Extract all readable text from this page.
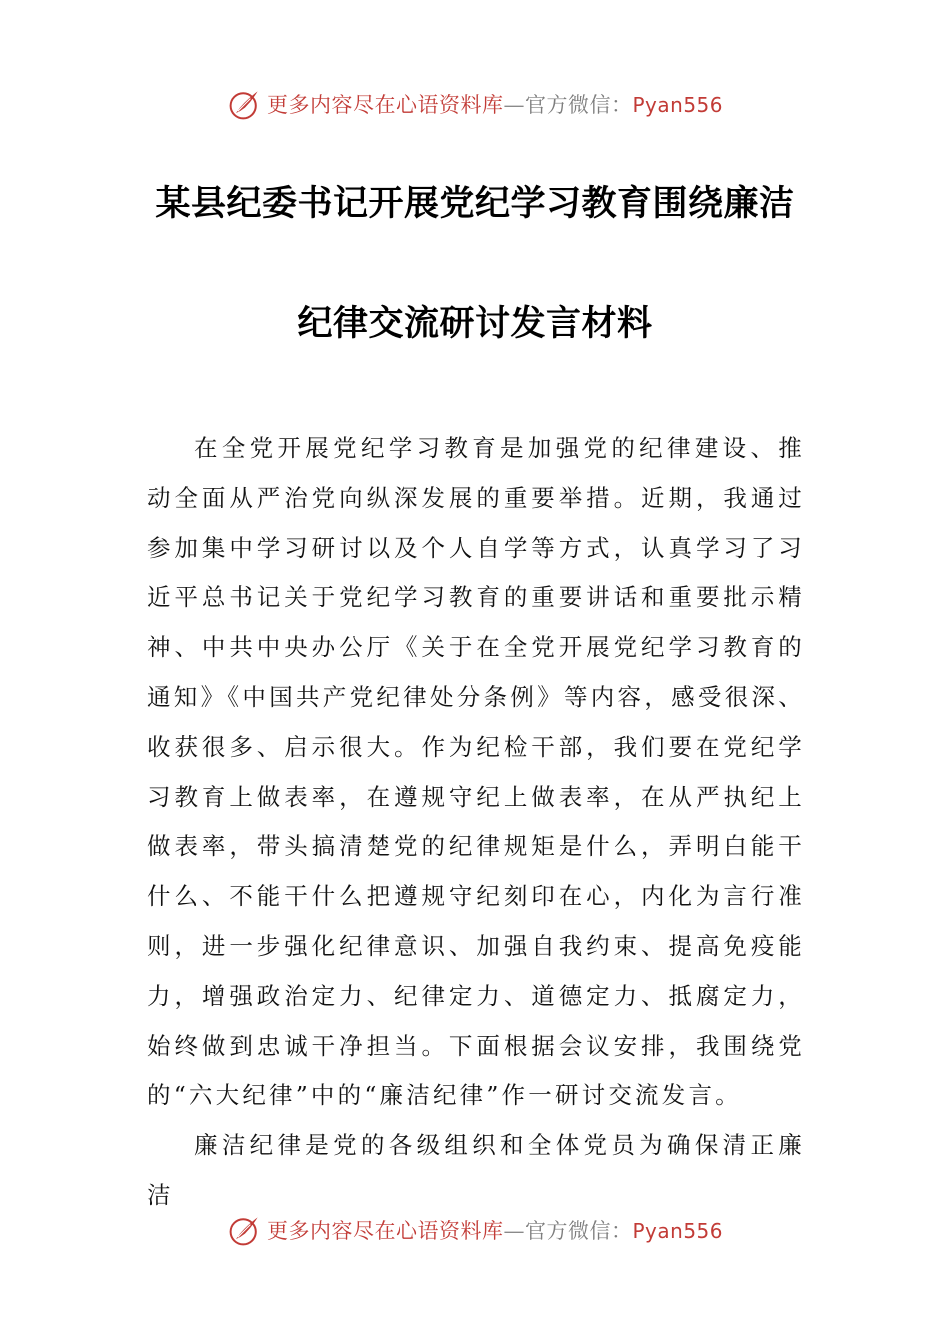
更多内容尽在心语资料库—官方微信：Pyan556
某县纪委书记开展党纪学习教育围绕廉洁
纪律交流研讨发言材料

在全党开展党纪学习教育是加强党的纪律建设、推动全面从严治党向纵深发展的重要举措。近期，我通过参加集中学习研讨以及个人自学等方式，认真学习了习近平总书记关于党纪学习教育的重要讲话和重要批示精神、中共中央办公厅《关于在全党开展党纪学习教育的通知》《中国共产党纪律处分条例》等内容，感受很深、收获很多、启示很大。作为纪检干部，我们要在党纪学习教育上做表率，在遵规守纪上做表率，在从严执纪上做表率，带头搞清楚党的纪律规矩是什么，弄明白能干什么、不能干什么把遵规守纪刻印在心，内化为言行准则，进一步强化纪律意识、加强自我约束、提高免疫能力，增强政治定力、纪律定力、道德定力、抵腐定力，始终做到忠诚干净担当。下面根据会议安排，我围绕党的“六大纪律”中的“廉洁纪律”作一研讨交流发言。

廉洁纪律是党的各级组织和全体党员为确保清正廉洁

更多内容尽在心语资料库—官方微信：Pyan556
